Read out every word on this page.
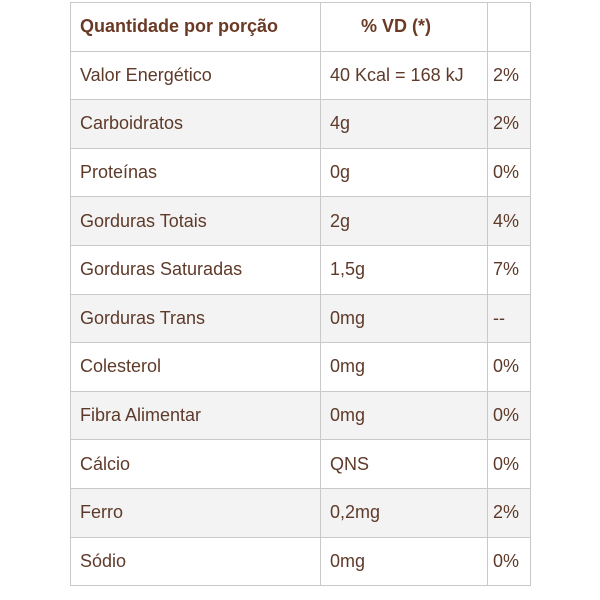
Quantidade por porção	% VD (*)	
Valor Energético	40 Kcal = 168 kJ	2%
Carboidratos	4g	2%
Proteínas	0g	0%
Gorduras Totais	2g	4%
Gorduras Saturadas	1,5g	7%
Gorduras Trans	0mg	--
Colesterol	0mg	0%
Fibra Alimentar	0mg	0%
Cálcio	QNS	0%
Ferro	0,2mg	2%
Sódio	0mg	0%
